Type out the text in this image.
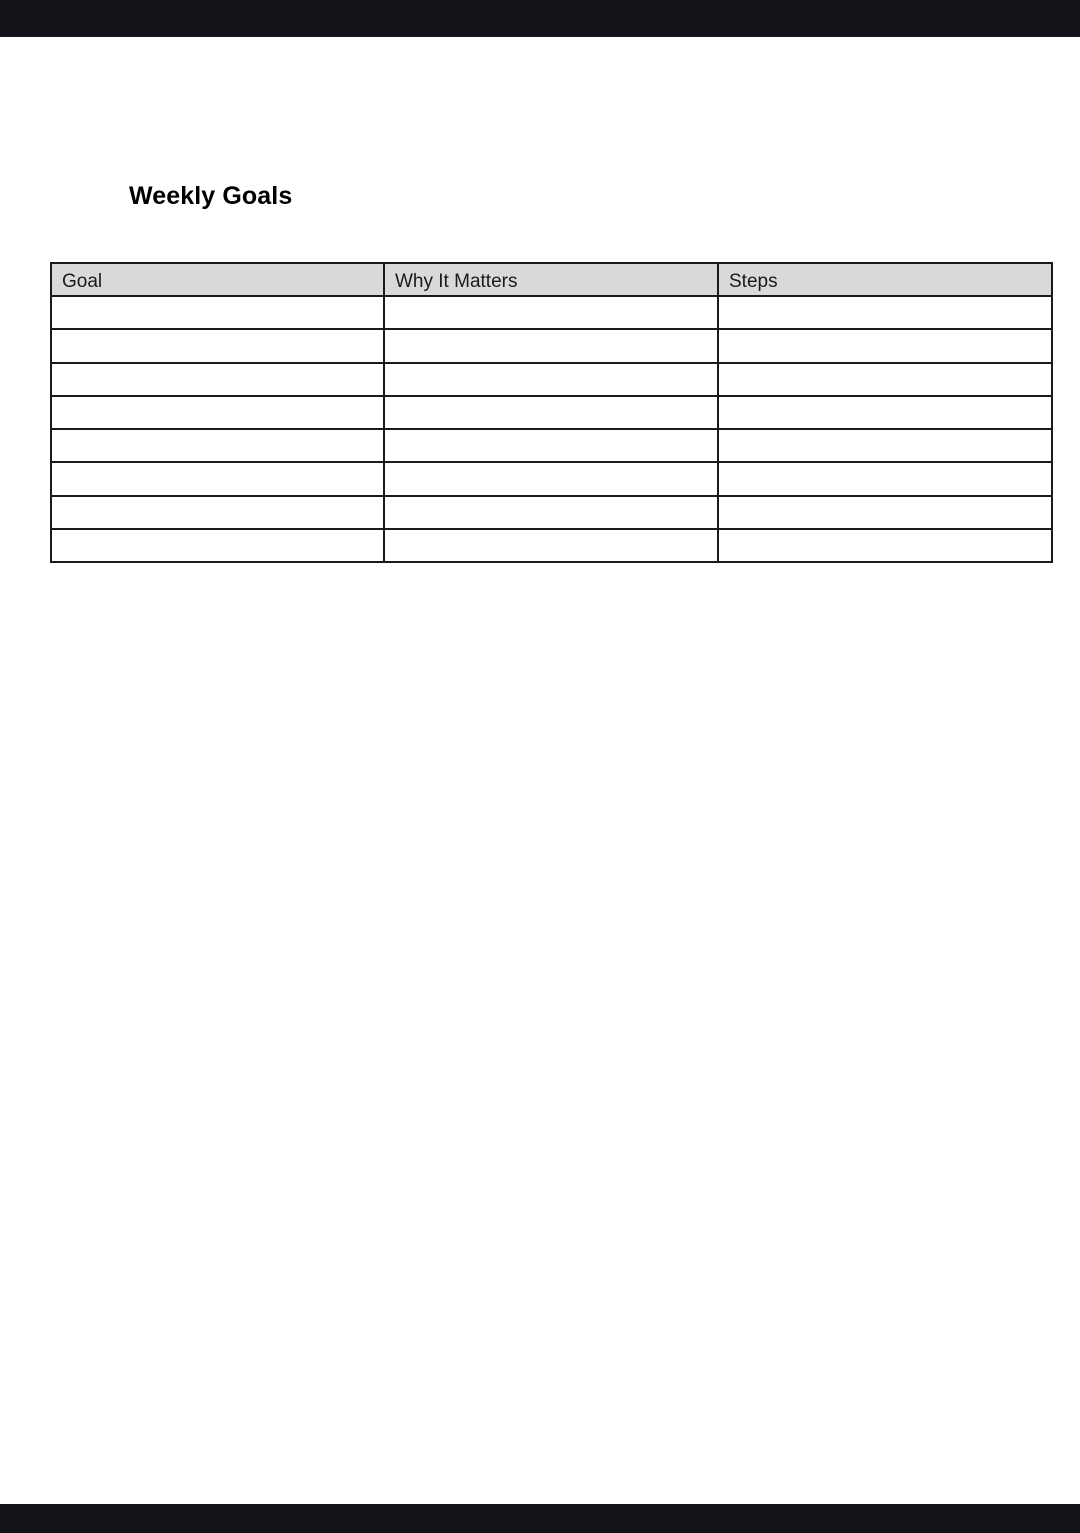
Weekly Goals
Goal	Why It Matters	Steps
